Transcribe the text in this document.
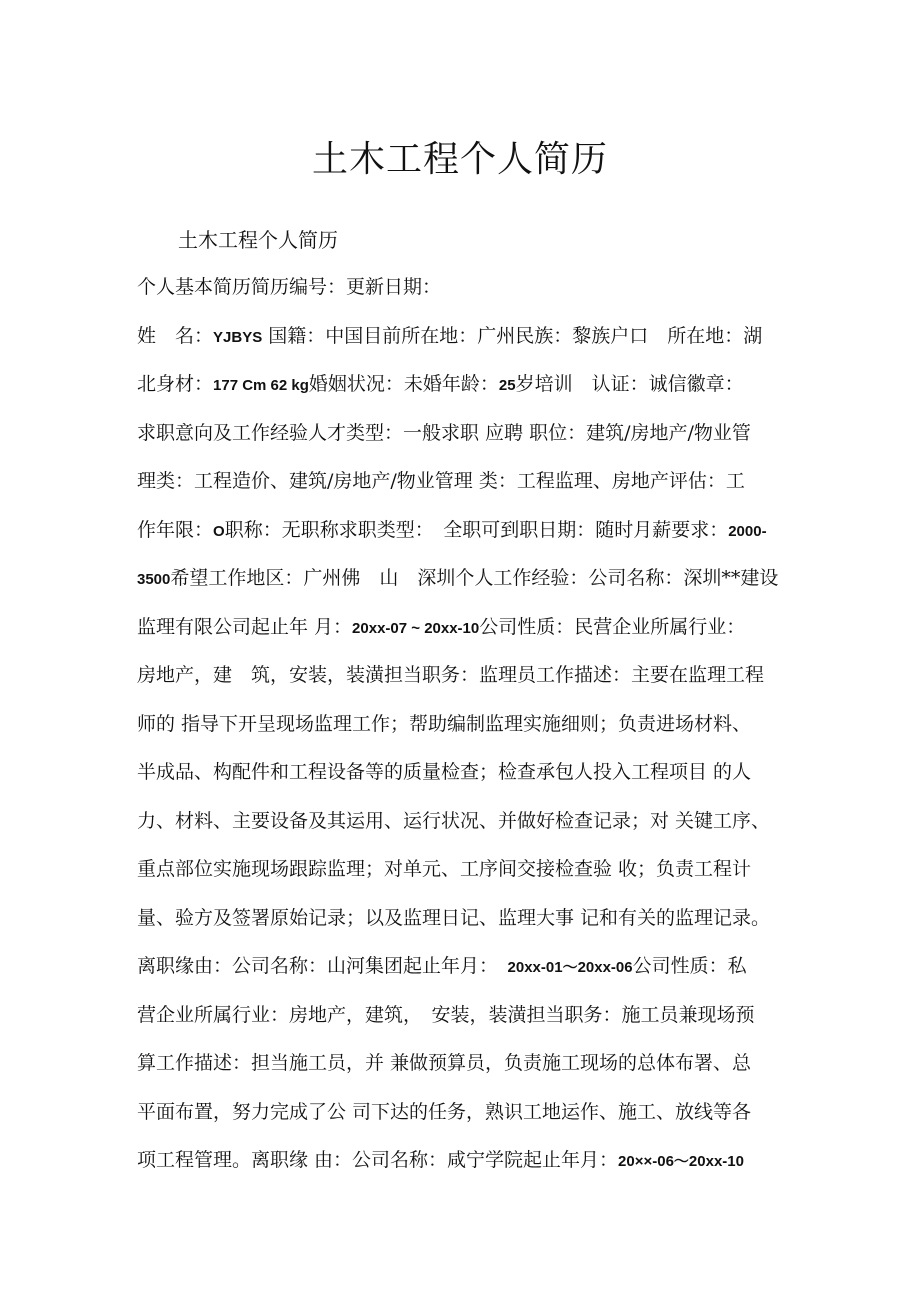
土木工程个人简历
土木工程个人简历
个人基本简历简历编号：更新日期：
姓　名：YJBYS 国籍：中国目前所在地：广州民族：黎族户口　所在地：湖
北身材：177 Cm 62 kg婚姻状况：未婚年龄：25岁培训　认证：诚信徽章：
求职意向及工作经验人才类型：一般求职 应聘 职位：建筑/房地产/物业管
理类：工程造价、建筑/房地产/物业管理 类：工程监理、房地产评估：工
作年限：O职称：无职称求职类型：　全职可到职日期：随时月薪要求：2000-
3500希望工作地区：广州佛　山　深圳个人工作经验：公司名称：深圳**建设
监理有限公司起止年 月：20xx-07 ~ 20xx-10公司性质：民营企业所属行业：
房地产，建　筑，安装，装潢担当职务：监理员工作描述：主要在监理工程
师的 指导下开呈现场监理工作；帮助编制监理实施细则；负责进场材料、
半成品、构配件和工程设备等的质量检查；检查承包人投入工程项目 的人
力、材料、主要设备及其运用、运行状况、并做好检查记录；对 关键工序、
重点部位实施现场跟踪监理；对单元、工序间交接检查验 收；负责工程计
量、验方及签署原始记录；以及监理日记、监理大事 记和有关的监理记录。
离职缘由：公司名称：山河集团起止年月：　20xx-01～20xx-06公司性质：私
营企业所属行业：房地产，建筑，　安装，装潢担当职务：施工员兼现场预
算工作描述：担当施工员，并 兼做预算员，负责施工现场的总体布署、总
平面布置，努力完成了公 司下达的任务，熟识工地运作、施工、放线等各
项工程管理。离职缘 由：公司名称：咸宁学院起止年月：20××-06～20xx-10
